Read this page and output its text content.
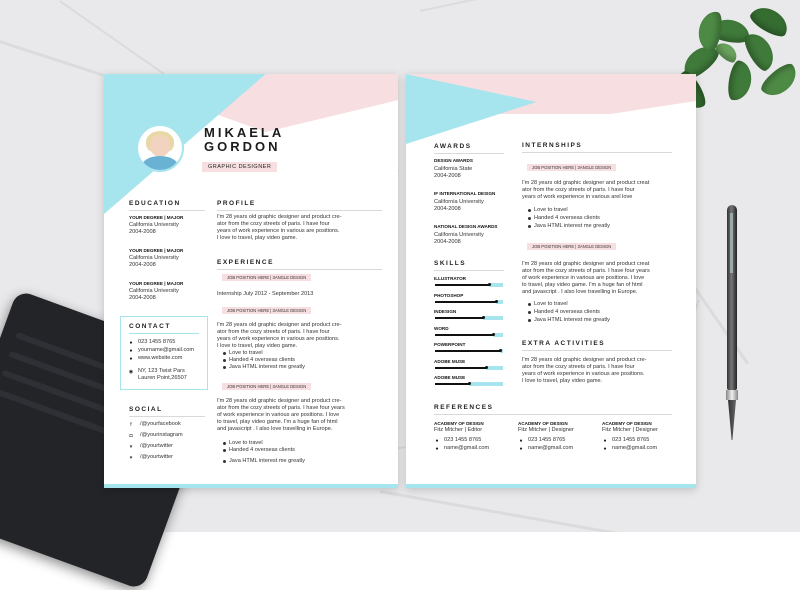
MIKAELA
GORDON
GRAPHIC DESIGNER
EDUCATION
YOUR DEGREE | MAJOR
California University
2004-2008
YOUR DEGREE | MAJOR
California University
2004-2008
YOUR DEGREE | MAJOR
California University
2004-2008
CONTACT
● 023 1455 8765
● yourname@gmail.com
● www.website.com
◉ NY, 123 Twist Pars
Lauren Point,26507
SOCIAL
f	/@yourfacebook
◘ /@yourinstagram
▾	/@yourtwitter
▾	/@yourtwitter
PROFILE
I'm 28 years old graphic designer and product cre-
ator from the cozy streets of paris. I have four
years of work experience in various are positions.
I love to travel, play video game.
EXPERIENCE
JOB POSITION HERE | 3ANGLE DESIGN
Internship July 2012 - September 2013
JOB POSITION HERE | 3ANGLE DESIGN
I'm 28 years old graphic designer and product cre-
ator from the cozy streets of paris. I have four
years of work experience in various are positions.
I love to travel, play video game.
Love to travel
Handed 4 overseas clients
Java HTML interest me greatly
JOB POSITION HERE | 3ANGLE DESIGN
I'm 28 years old graphic designer and product cre-
ator from the cozy streets of paris. I have four years
of work experience in various are positions. I love
to travel, play video game. I'm a huge fan of html
and javascript . I also love travelling in Europe.
Love to travel
Handed 4 overseas clients
Java HTML interest me greatly
AWARDS
DESIGN AWARDS
California State
2004-2008
IF INTERNATIONAL DESIGN
California University
2004-2008
NATIONAL DESIGN AWARDS
California University
2004-2008
SKILLS
INTERNSHIPS
JOB POSITION HERE | 3ANGLE DESIGN
I'm 28 years old graphic designer and product creat
ator from the cozy streets of paris. I have four
years of work experience in various arel love
Love to travel
Handed 4 overseas clients
Java HTML interest me greatly
JOB POSITION HERE | 3ANGLE DESIGN
I'm 28 years old graphic designer and product creat
ator from the cozy streets of paris. I have four years
of work experience in various are positions. I love
to travel, play video game. I'm a huge fan of html
and javascript . I also love travelling in Europe.
Love to travel
Handed 4 overseas clients
Java HTML interest me greatly
EXTRA ACTIVITIES
I'm 28 years old graphic designer and product cre-
ator from the cozy streets of paris. I have four
years of work experience in various are positions.
I love to travel, play video game.
REFERENCES
ILLUSTRATOR
PHOTOSHOP
INDESIGN
WORD
POWERPOINT
ADOBE MUSE
ADOBE MUSE
ACADEMY OF DESIGN
Fitz Mitcher | Editor
● 023 1455 8765
● name@gmail.com
ACADEMY OF DESIGN
Fitz Mitcher | Designer
● 023 1455 8765
● name@gmail.com
ACADEMY OF DESIGN
Fitz Mitcher | Designer
● 023 1455 8765
● name@gmail.com
